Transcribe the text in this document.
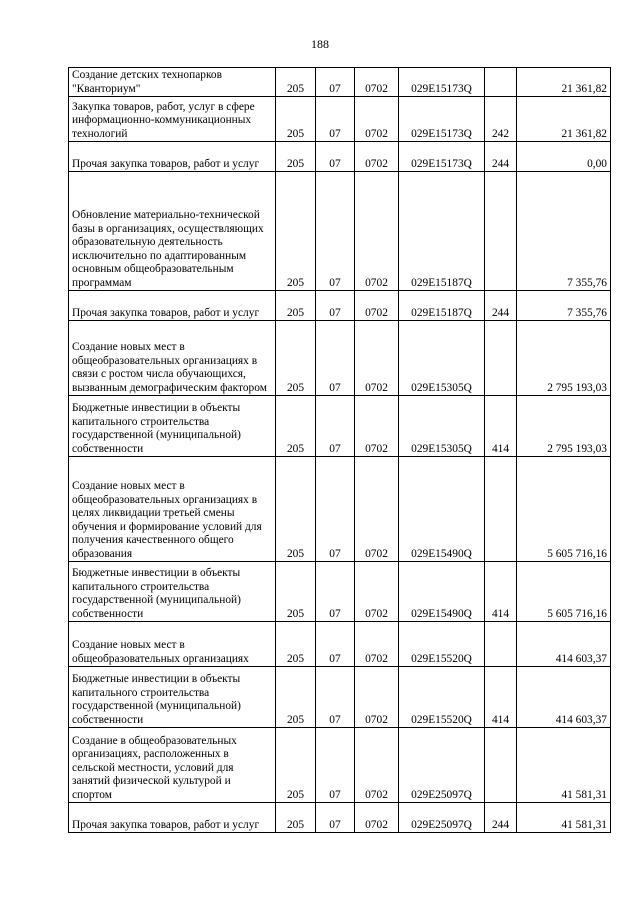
188
Создание детских технопарков "Кванториум"	205	07	0702	029E15173Q		21 361,82
Закупка товаров, работ, услуг в сфере информационно-коммуникационных технологий	205	07	0702	029E15173Q	242	21 361,82
Прочая закупка товаров, работ и услуг	205	07	0702	029E15173Q	244	0,00
Обновление материально-технической базы в организациях, осуществляющих образовательную деятельность исключительно по адаптированным основным общеобразовательным программам	205	07	0702	029E15187Q		7 355,76
Прочая закупка товаров, работ и услуг	205	07	0702	029E15187Q	244	7 355,76
Создание новых мест в общеобразовательных организациях в связи с ростом числа обучающихся, вызванным демографическим фактором	205	07	0702	029E15305Q		2 795 193,03
Бюджетные инвестиции в объекты капитального строительства государственной (муниципальной) собственности	205	07	0702	029E15305Q	414	2 795 193,03
Создание новых мест в общеобразовательных организациях в целях ликвидации третьей смены обучения и формирование условий для получения качественного общего образования	205	07	0702	029E15490Q		5 605 716,16
Бюджетные инвестиции в объекты капитального строительства государственной (муниципальной) собственности	205	07	0702	029E15490Q	414	5 605 716,16
Создание новых мест в общеобразовательных организациях	205	07	0702	029E15520Q		414 603,37
Бюджетные инвестиции в объекты капитального строительства государственной (муниципальной) собственности	205	07	0702	029E15520Q	414	414 603,37
Создание в общеобразовательных организациях, расположенных в сельской местности, условий для занятий физической культурой и спортом	205	07	0702	029E25097Q		41 581,31
Прочая закупка товаров, работ и услуг	205	07	0702	029E25097Q	244	41 581,31
